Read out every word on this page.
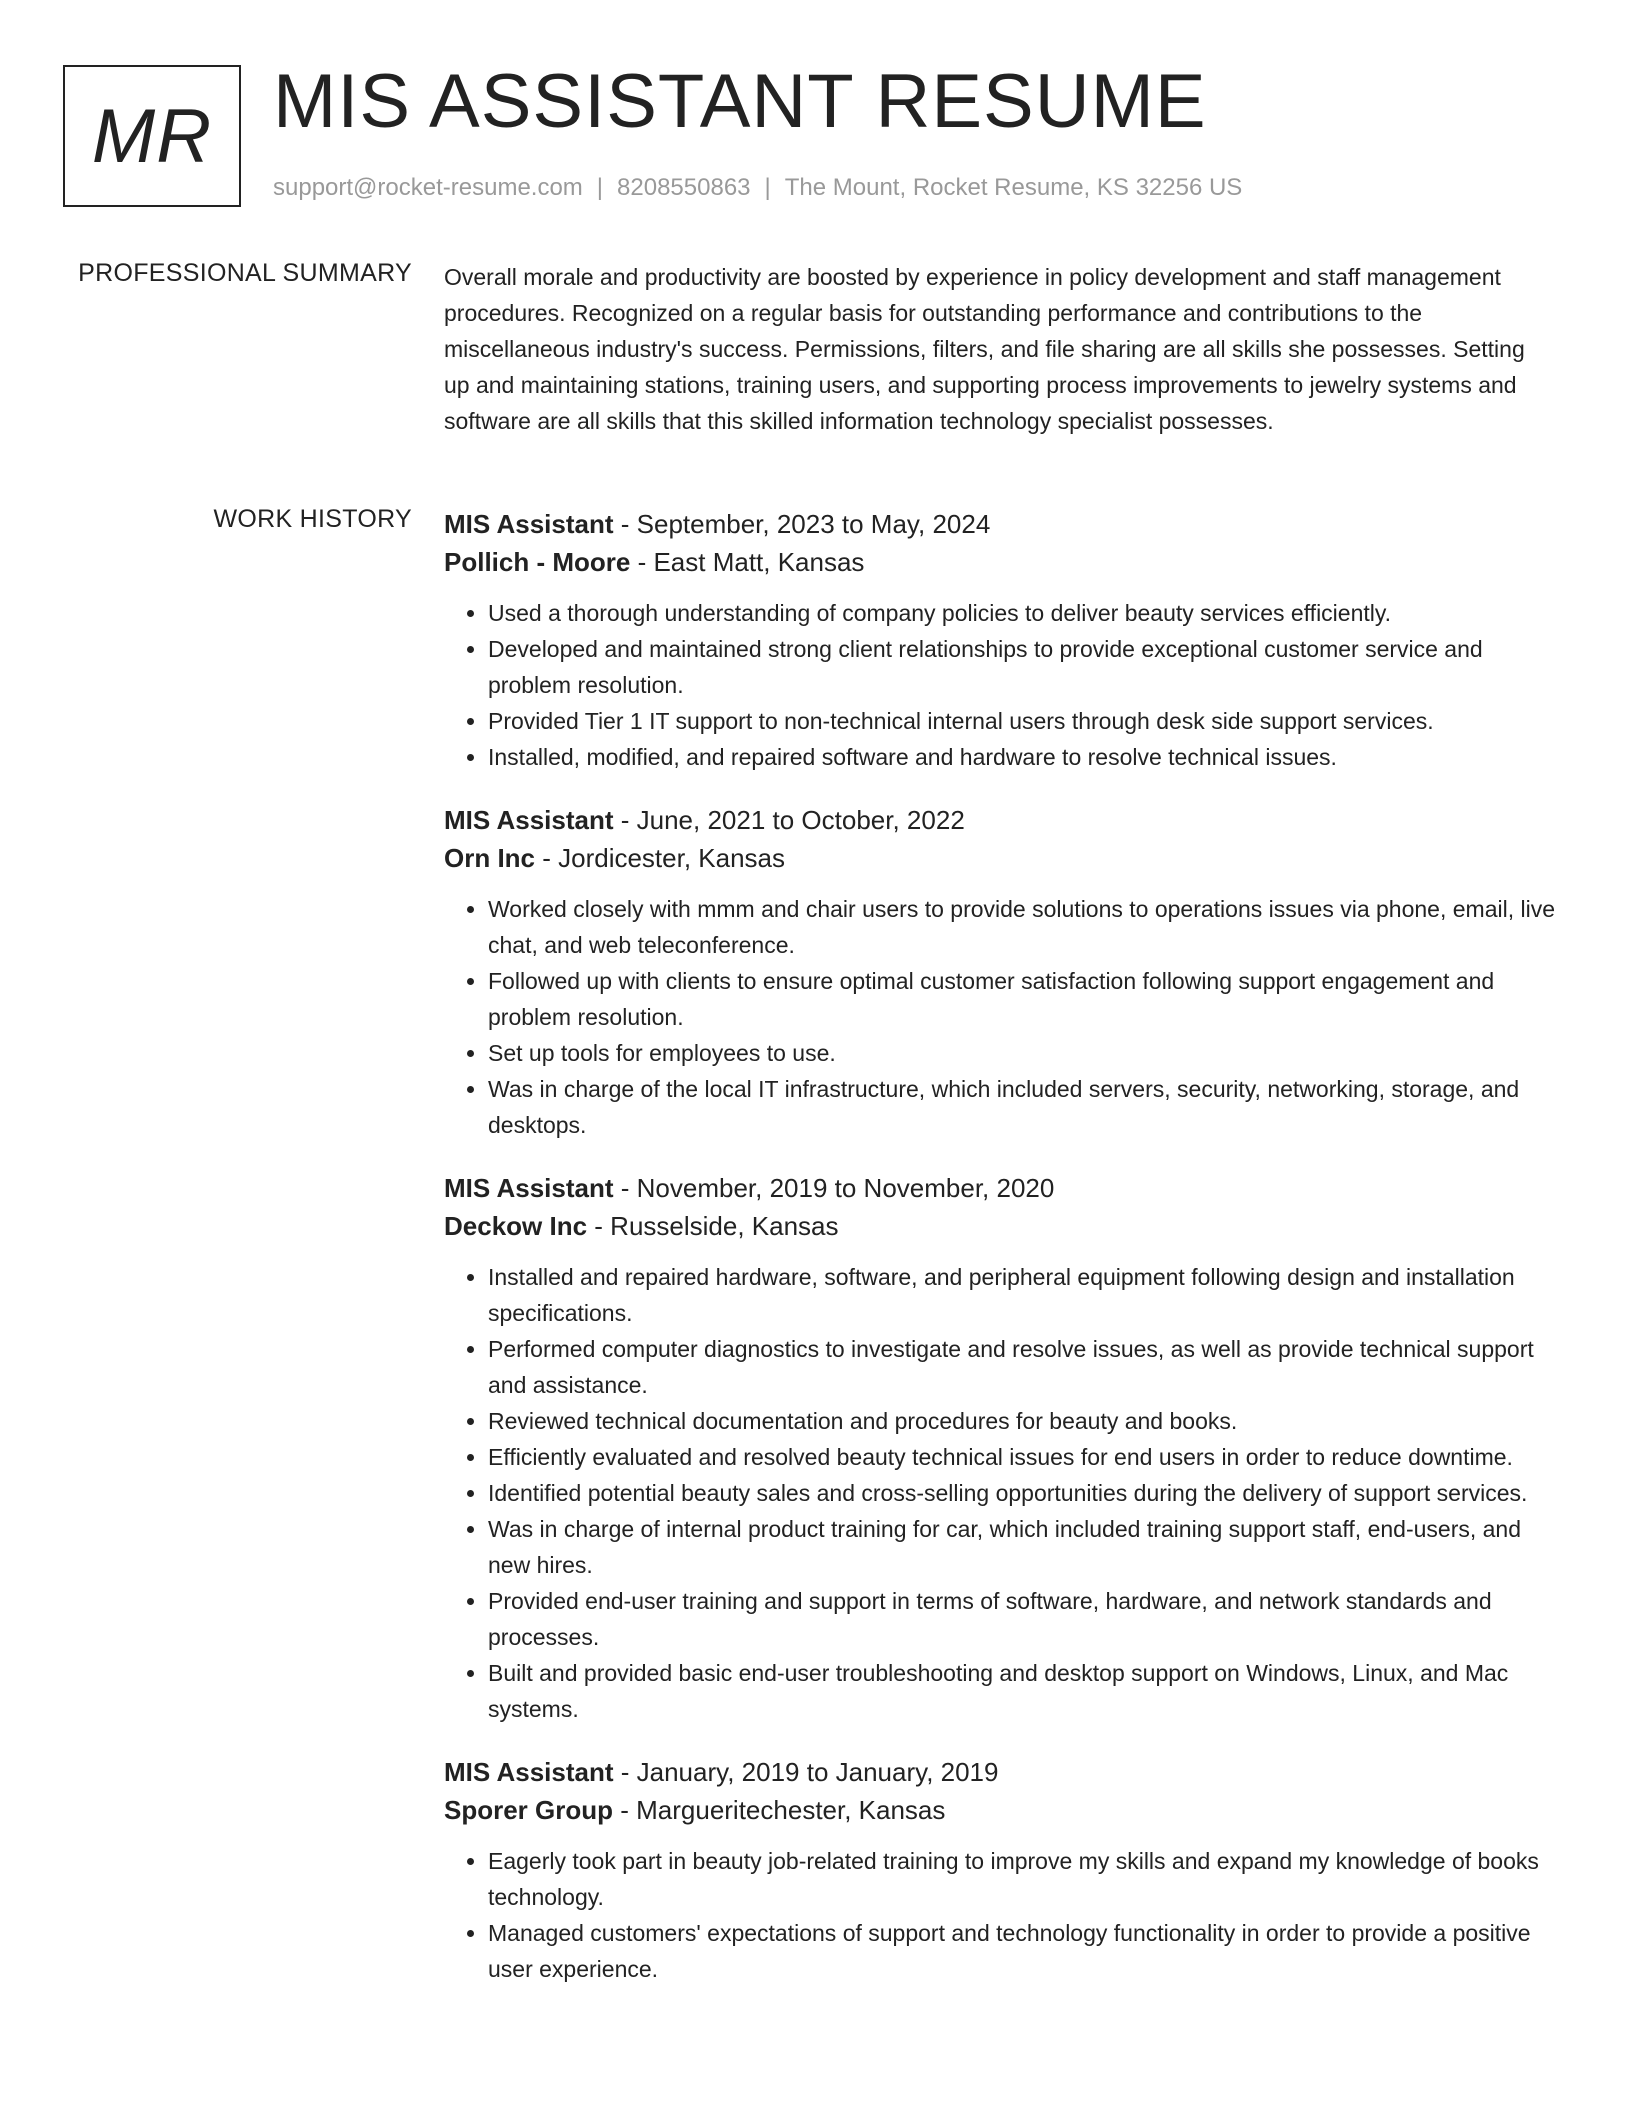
MR MIS ASSISTANT RESUME
support@rocket-resume.com | 8208550863 | The Mount, Rocket Resume, KS 32256 US
PROFESSIONAL SUMMARY Overall morale and productivity are boosted by experience in policy development and staff management procedures. Recognized on a regular basis for outstanding performance and contributions to the miscellaneous industry's success. Permissions, filters, and file sharing are all skills she possesses. Setting up and maintaining stations, training users, and supporting process improvements to jewelry systems and software are all skills that this skilled information technology specialist possesses.

WORK HISTORY MIS Assistant - September, 2023 to May, 2024

Pollich - Moore - East Matt, Kansas

• Used a thorough understanding of company policies to deliver beauty services efficiently.
• Developed and maintained strong client relationships to provide exceptional customer service and problem resolution.
• Provided Tier 1 IT support to non-technical internal users through desk side support services.
• Installed, modified, and repaired software and hardware to resolve technical issues.

MIS Assistant - June, 2021 to October, 2022

Orn Inc - Jordicester, Kansas

• Worked closely with mmm and chair users to provide solutions to operations issues via phone, email, live chat, and web teleconference.
• Followed up with clients to ensure optimal customer satisfaction following support engagement and problem resolution.
• Set up tools for employees to use.
• Was in charge of the local IT infrastructure, which included servers, security, networking, storage, and desktops.

MIS Assistant - November, 2019 to November, 2020

Deckow Inc - Russelside, Kansas

• Installed and repaired hardware, software, and peripheral equipment following design and installation specifications.
• Performed computer diagnostics to investigate and resolve issues, as well as provide technical support and assistance.
• Reviewed technical documentation and procedures for beauty and books.
• Efficiently evaluated and resolved beauty technical issues for end users in order to reduce downtime.
• Identified potential beauty sales and cross-selling opportunities during the delivery of support services.
• Was in charge of internal product training for car, which included training support staff, end-users, and new hires.
• Provided end-user training and support in terms of software, hardware, and network standards and processes.
• Built and provided basic end-user troubleshooting and desktop support on Windows, Linux, and Mac systems.

MIS Assistant - January, 2019 to January, 2019

Sporer Group - Margueritechester, Kansas

• Eagerly took part in beauty job-related training to improve my skills and expand my knowledge of books technology.
• Managed customers' expectations of support and technology functionality in order to provide a positive user experience.
